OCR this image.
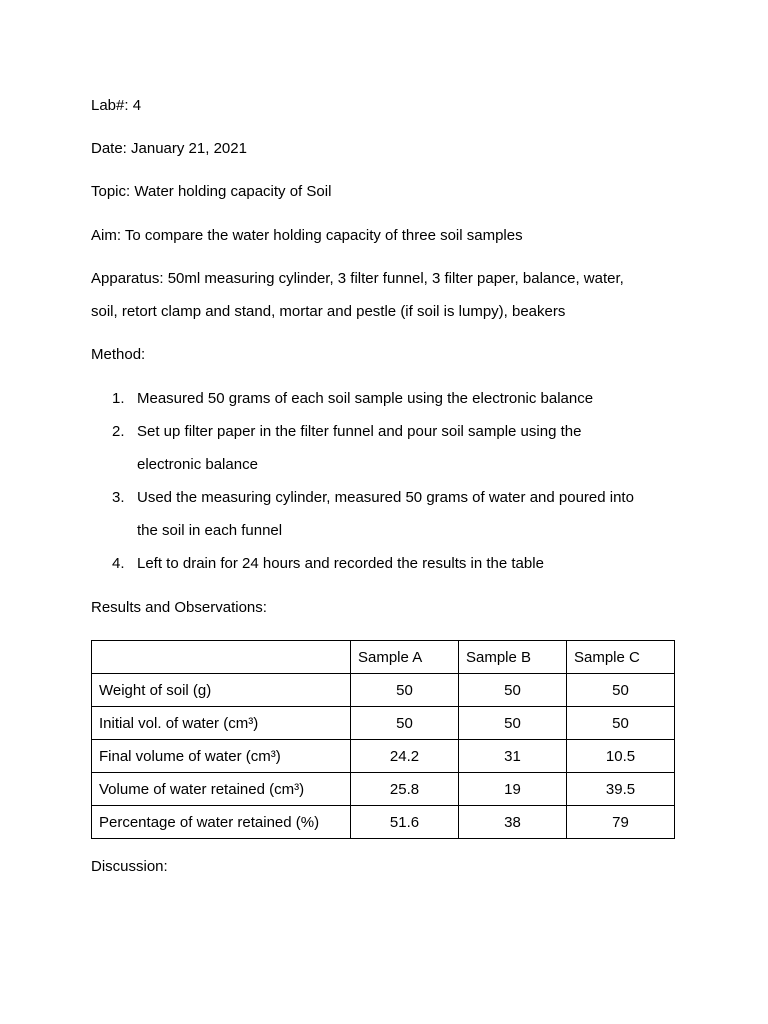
Lab#: 4
Date: January 21, 2021
Topic: Water holding capacity of Soil
Aim: To compare the water holding capacity of three soil samples
Apparatus: 50ml measuring cylinder, 3 filter funnel, 3 filter paper, balance, water,
soil, retort clamp and stand, mortar and pestle (if soil is lumpy), beakers
Method:
1. Measured 50 grams of each soil sample using the electronic balance
2. Set up filter paper in the filter funnel and pour soil sample using the
electronic balance
3. Used the measuring cylinder, measured 50 grams of water and poured into
the soil in each funnel
4. Left to drain for 24 hours and recorded the results in the table
Results and Observations:
	Sample A	Sample B	Sample C
Weight of soil (g)	50	50	50
Initial vol. of water (cm³)	50	50	50
Final volume of water (cm³)	24.2	31	10.5
Volume of water retained (cm³)	25.8	19	39.5
Percentage of water retained (%)	51.6	38	79
Discussion:
